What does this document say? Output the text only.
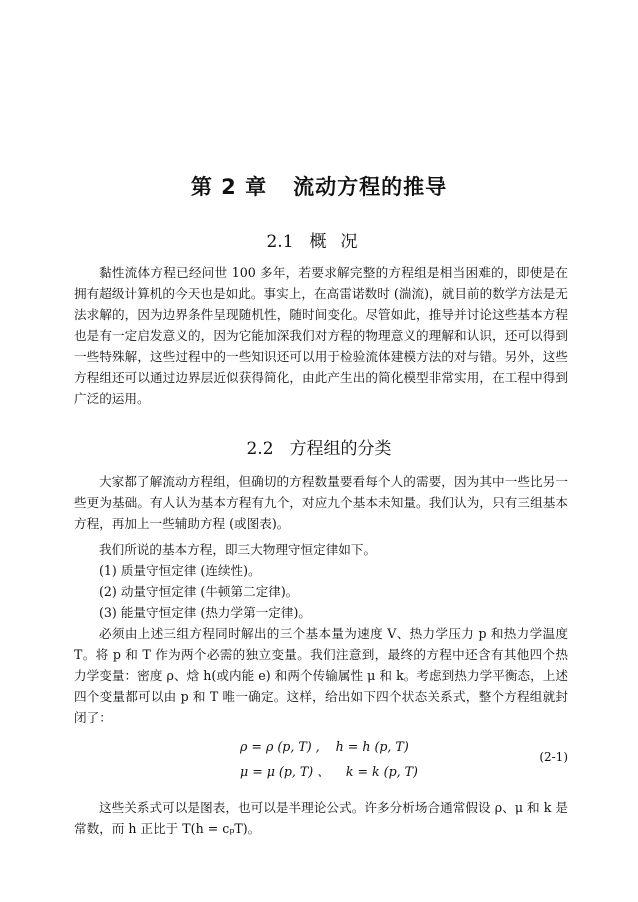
第 2 章 流动方程的推导
2.1 概况

黏性流体方程已经问世 100 多年，若要求解完整的方程组是相当困难的，即使是在拥有超级计算机的今天也是如此。事实上，在高雷诺数时 (湍流)，就目前的数学方法是无法求解的，因为边界条件呈现随机性，随时间变化。尽管如此，推导并讨论这些基本方程也是有一定启发意义的，因为它能加深我们对方程的物理意义的理解和认识，还可以得到一些特殊解，这些过程中的一些知识还可以用于检验流体建模方法的对与错。另外，这些方程组还可以通过边界层近似获得简化，由此产生出的简化模型非常实用，在工程中得到广泛的运用。

2.2 方程组的分类

大家都了解流动方程组，但确切的方程数量要看每个人的需要，因为其中一些比另一些更为基础。有人认为基本方程有九个，对应九个基本未知量。我们认为，只有三组基本方程，再加上一些辅助方程 (或图表)。

我们所说的基本方程，即三大物理守恒定律如下。

(1) 质量守恒定律 (连续性)。

(2) 动量守恒定律 (牛顿第二定律)。

(3) 能量守恒定律 (热力学第一定律)。

必须由上述三组方程同时解出的三个基本量为速度 V、热力学压力 p 和热力学温度 T。将 p 和 T 作为两个必需的独立变量。我们注意到，最终的方程中还含有其他四个热力学变量：密度 ρ、焓 h(或内能 e) 和两个传输属性 μ 和 k。考虑到热力学平衡态，上述四个变量都可以由 p 和 T 唯一确定。这样，给出如下四个状态关系式，整个方程组就封闭了：

ρ = ρ (p, T) , h = h (p, T)
μ = μ (p, T) 、 k = k (p, T)
(2-1)

这些关系式可以是图表，也可以是半理论公式。许多分析场合通常假设 ρ、μ 和 k 是常数，而 h 正比于 T(h = cₚT)。
